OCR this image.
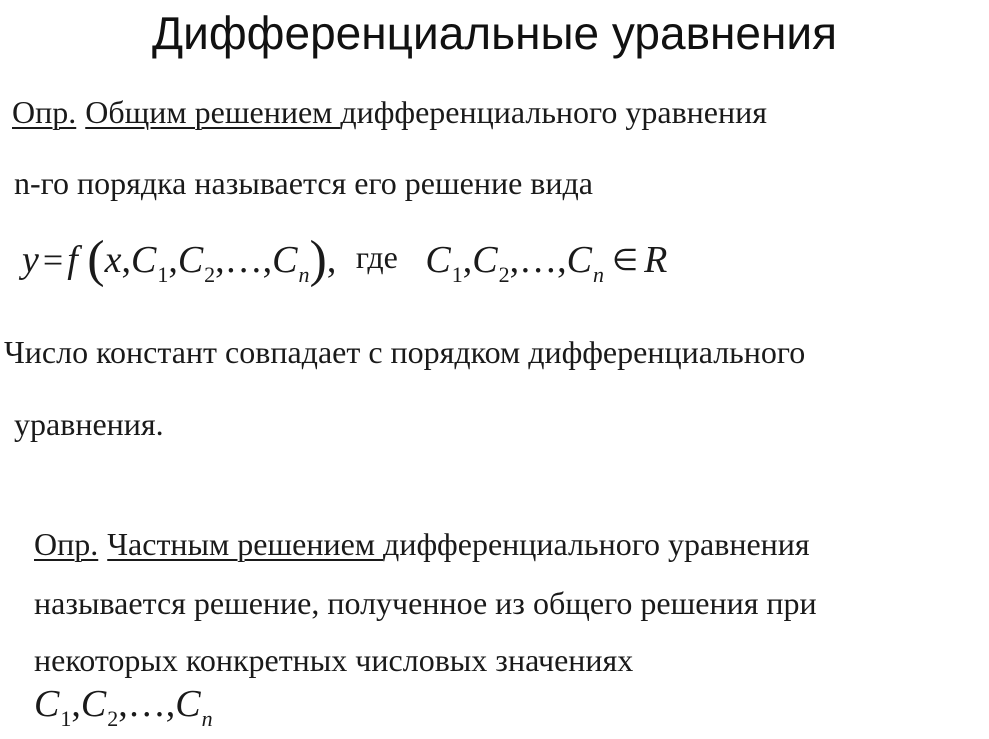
Дифференциальные уравнения
Опр. Общим решением дифференциального уравнения
n-го порядка называется его решение вида
y = f $(x,C_1,C_2,\dots,C_n)$, где $C_1,C_2,\dots,C_n$ ∈ R
Число констант совпадает с порядком дифференциального
уравнения.
Опр. Частным решением дифференциального уравнения
называется решение, полученное из общего решения при
некоторых конкретных числовых значениях
$C_1,C_2,\dots,C_n$
